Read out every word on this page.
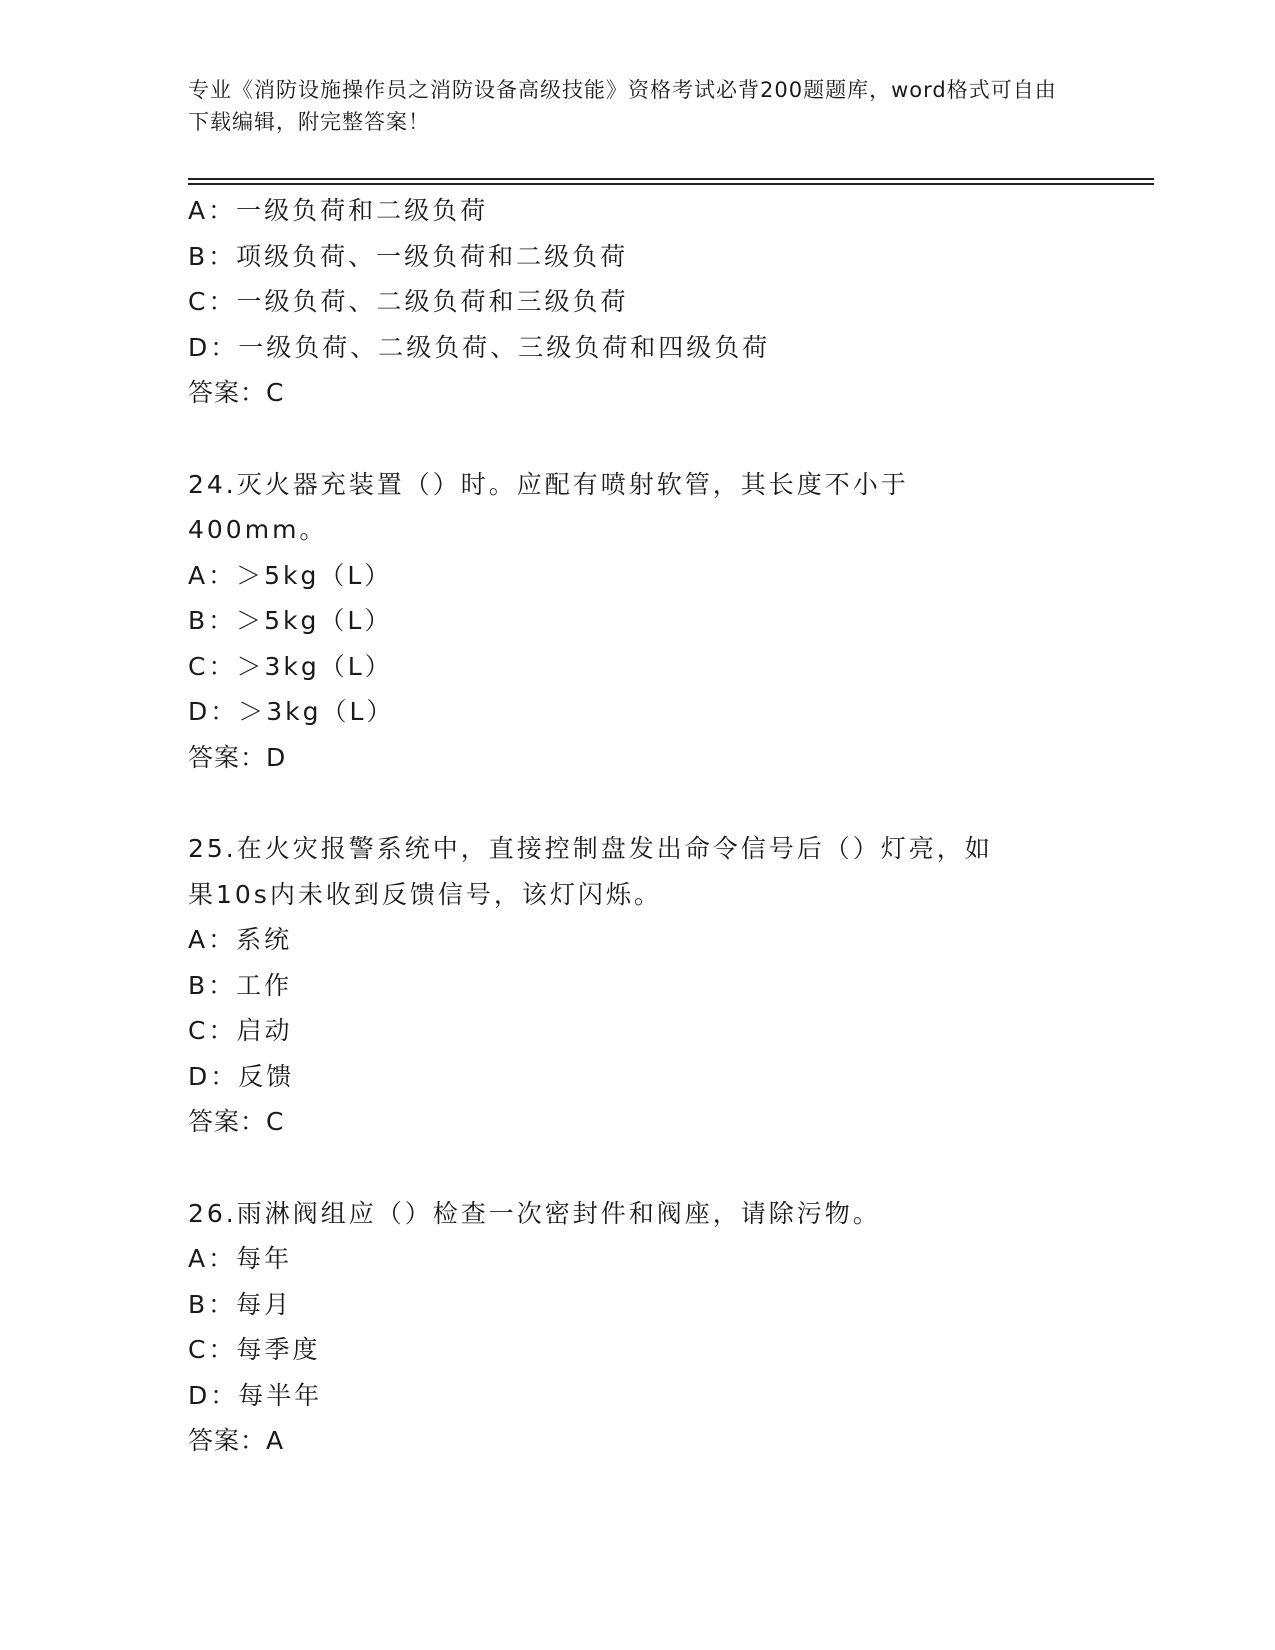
专业《消防设施操作员之消防设备高级技能》资格考试必背200题题库，word格式可自由下载编辑，附完整答案！
A：一级负荷和二级负荷
B：项级负荷、一级负荷和二级负荷
C：一级负荷、二级负荷和三级负荷
D：一级负荷、二级负荷、三级负荷和四级负荷
答案：C
24.灭火器充装置（）时。应配有喷射软管，其长度不小于400mm。
A：＞5kg（L）
B：＞5kg（L）
C：＞3kg（L）
D：＞3kg（L）
答案：D
25.在火灾报警系统中，直接控制盘发出命令信号后（）灯亮，如果10s内未收到反馈信号，该灯闪烁。
A：系统
B：工作
C：启动
D：反馈
答案：C
26.雨淋阀组应（）检查一次密封件和阀座，请除污物。
A：每年
B：每月
C：每季度
D：每半年
答案：A
